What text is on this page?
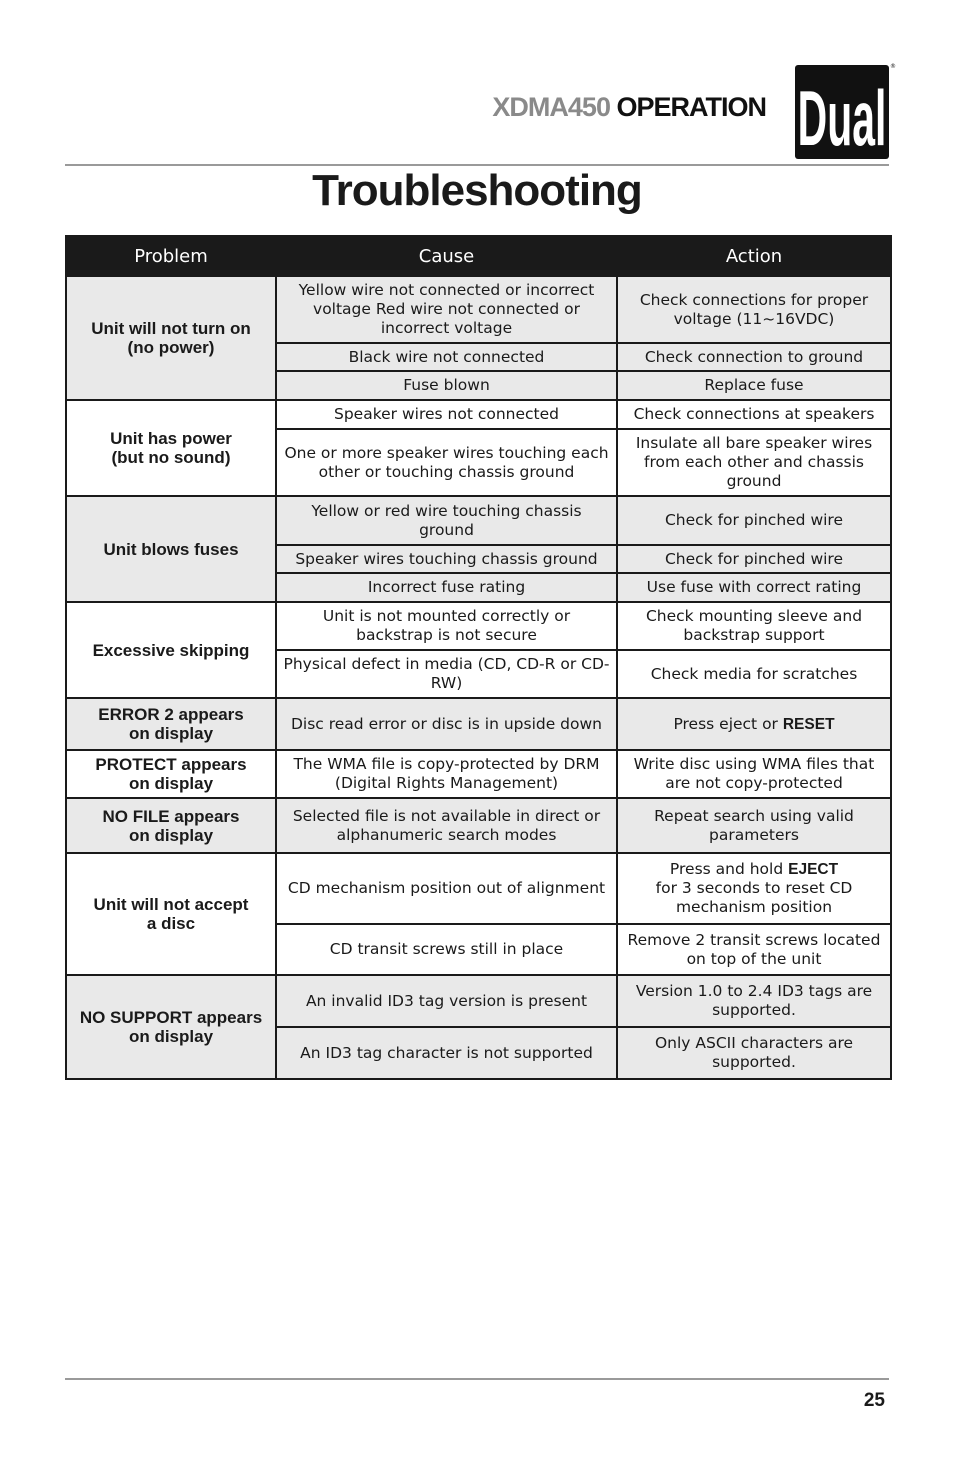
XDMA450 OPERATION Dual
®
Troubleshooting
Problem	Cause	Action
Unit will not turn on
(no power)	Yellow wire not connected or incorrect voltage Red wire not connected or incorrect voltage	Check connections for proper voltage (11~16VDC)
	Black wire not connected	Check connection to ground
	Fuse blown	Replace fuse
Unit has power
(but no sound)	Speaker wires not connected	Check connections at speakers
	One or more speaker wires touching each other or touching chassis ground	Insulate all bare speaker wires from each other and chassis ground
Unit blows fuses	Yellow or red wire touching chassis ground	Check for pinched wire
	Speaker wires touching chassis ground	Check for pinched wire
	Incorrect fuse rating	Use fuse with correct rating
Excessive skipping	Unit is not mounted correctly or backstrap is not secure	Check mounting sleeve and backstrap support
	Physical defect in media (CD, CD-R or CD-RW)	Check media for scratches
ERROR 2 appears
on display	Disc read error or disc is in upside down	Press eject or RESET
PROTECT appears
on display	The WMA file is copy-protected by DRM (Digital Rights Management)	Write disc using WMA files that are not copy-protected
NO FILE appears
on display	Selected file is not available in direct or alphanumeric search modes	Repeat search using valid parameters
Unit will not accept
a disc	CD mechanism position out of alignment	Press and hold EJECT
for 3 seconds to reset CD mechanism position
	CD transit screws still in place	Remove 2 transit screws located on top of the unit
NO SUPPORT appears
on display	An invalid ID3 tag version is present	Version 1.0 to 2.4 ID3 tags are supported.
	An ID3 tag character is not supported	Only ASCII characters are supported.
25
